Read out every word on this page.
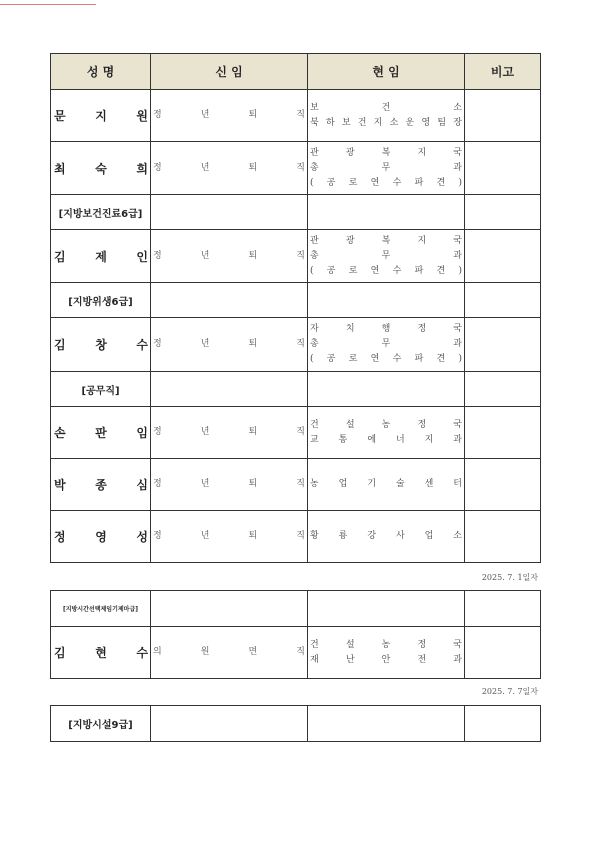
성 명	신 임	현 임	비고
문 지 원	정 년 퇴 직	보 건 소
북 하 보 건 지 소 운 영 팀 장	

최 숙 희	정 년 퇴 직	관 광 복 지 국
총 무 과
( 공 로 연 수 파 견 )	

[지방보건진료6급]			
김 제 인	정 년 퇴 직	관 광 복 지 국
총 무 과
( 공 로 연 수 파 견 )	

[지방위생6급]			
김 창 수	정 년 퇴 직	자 치 행 정 국
총 무 과
( 공 로 연 수 파 견 )	

[공무직]			
손 판 임	정 년 퇴 직	건 설 농 정 국
교 통 에 너 지 과	

박 종 심	정 년 퇴 직	농 업 기 술 센 터	

정 영 성	정 년 퇴 직	황 룡 강 사 업 소	

2025. 7. 1일자
[지방시간선택제임기제마급]			
김 현 수	의 원 면 직	건 설 농 정 국
재 난 안 전 과	

2025. 7. 7일자
[지방시설9급]			
